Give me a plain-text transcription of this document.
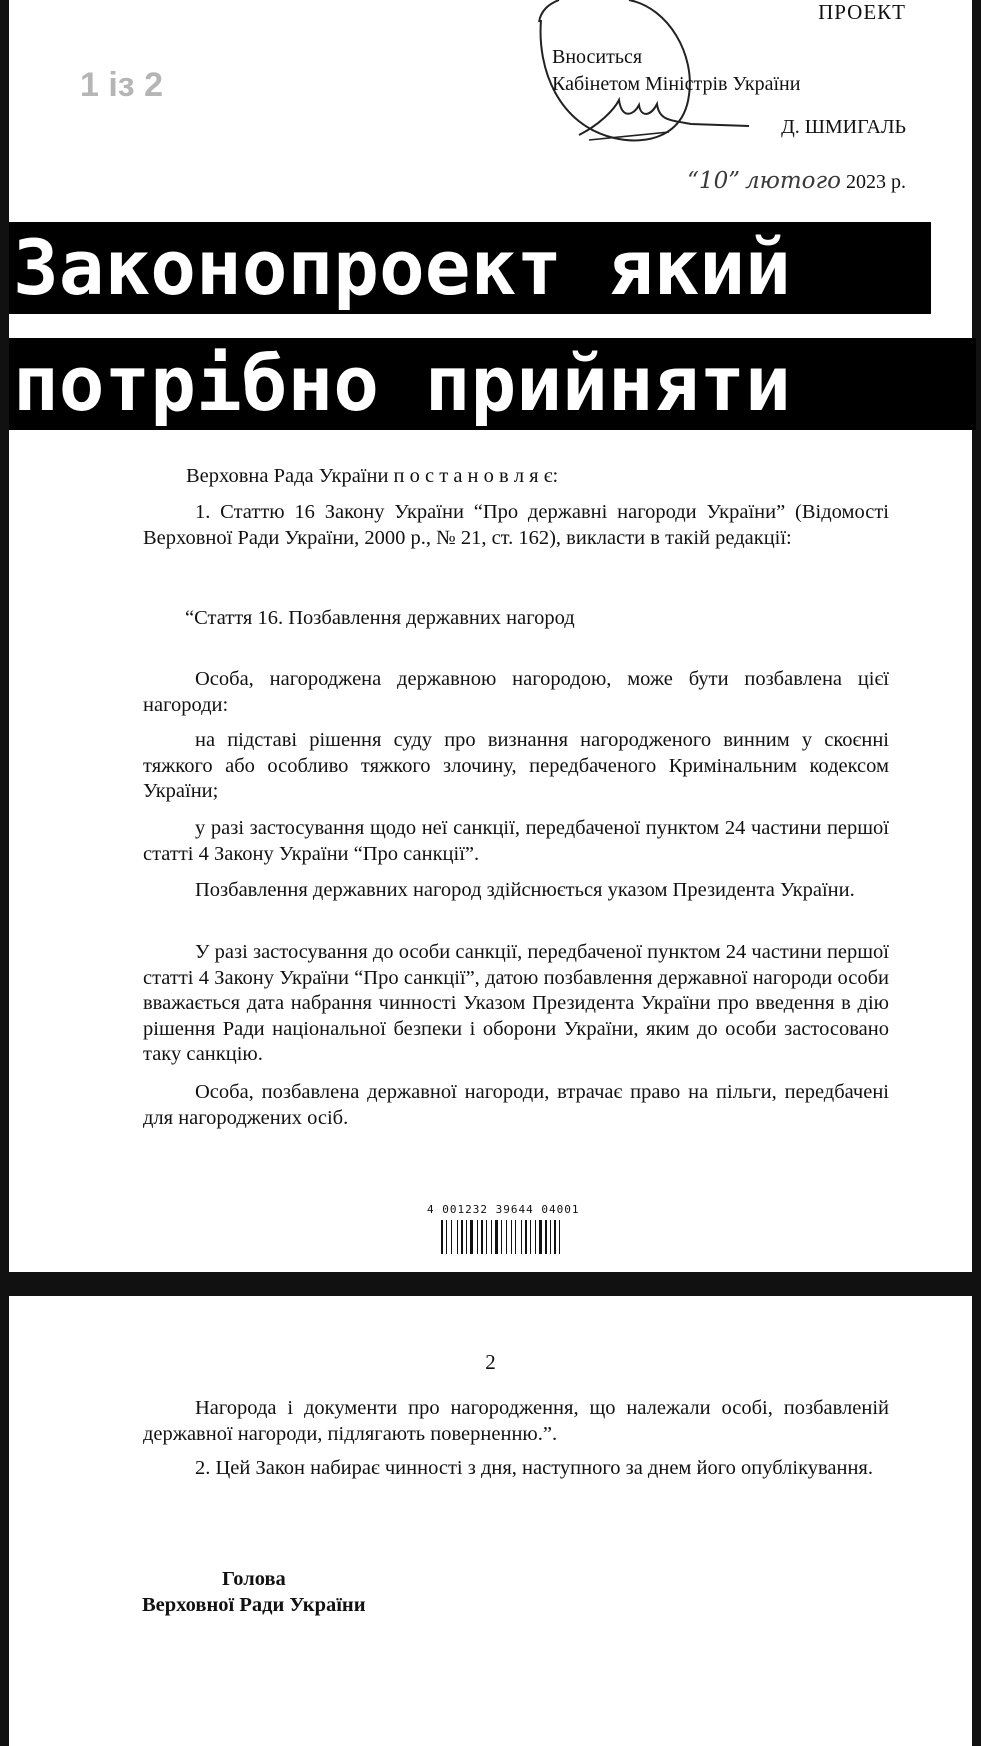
ПРОЕКТ
Вноситься
Кабінетом Міністрів України
Д. ШМИГАЛЬ
“10” лютого 2023 р.
Верховна Рада України п о с т а н о в л я є:
1. Статтю 16 Закону України “Про державні нагороди України” (Відомості Верховної Ради України, 2000 р., № 21, ст. 162), викласти в такій редакції:
“Стаття 16. Позбавлення державних нагород
Особа, нагороджена державною нагородою, може бути позбавлена цієї нагороди:
на підставі рішення суду про визнання нагородженого винним у скоєнні тяжкого або особливо тяжкого злочину, передбаченого Кримінальним кодексом України;
у разі застосування щодо неї санкції, передбаченої пунктом 24 частини першої статті 4 Закону України “Про санкції”.
Позбавлення державних нагород здійснюється указом Президента України.
У разі застосування до особи санкції, передбаченої пунктом 24 частини першої статті 4 Закону України “Про санкції”, датою позбавлення державної нагороди особи вважається дата набрання чинності Указом Президента України про введення в дію рішення Ради національної безпеки і оборони України, яким до особи застосовано таку санкцію.
Особа, позбавлена державної нагороди, втрачає право на пільги, передбачені для нагороджених осіб.
4 001232 39644 04001
Законопроект який
потрібно прийняти
1 із 2
2
Нагорода і документи про нагородження, що належали особі, позбавленій державної нагороди, підлягають поверненню.”.
2. Цей Закон набирає чинності з дня, наступного за днем його опублікування.
Голова
Верховної Ради України
